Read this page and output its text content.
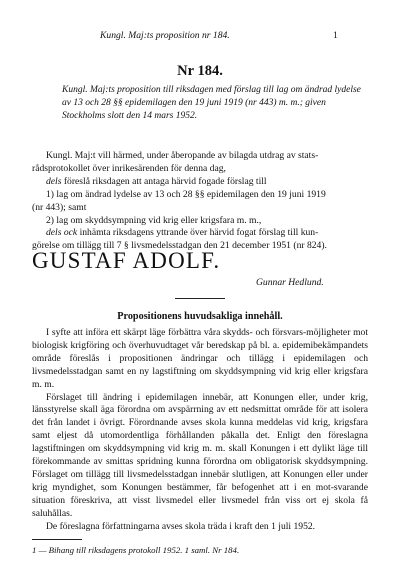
Kungl. Maj:ts proposition nr 184.	1
Nr 184.
Kungl. Maj:ts proposition till riksdagen med förslag till lag om ändrad lydelse av 13 och 28 §§ epidemilagen den 19 juni 1919 (nr 443) m. m.; given Stockholms slott den 14 mars 1952.

Kungl. Maj:t vill härmed, under åberopande av bilagda utdrag av stats-

rådsprotokollet över inrikesärenden för denna dag,

dels föreslå riksdagen att antaga härvid fogade förslag till

1) lag om ändrad lydelse av 13 och 28 §§ epidemilagen den 19 juni 1919

(nr 443); samt

2) lag om skyddsympning vid krig eller krigsfara m. m.,

dels ock inhämta riksdagens yttrande över härvid fogat förslag till kun-

görelse om tillägg till 7 § livsmedelsstadgan den 21 december 1951 (nr 824).

GUSTAF ADOLF.
Gunnar Hedlund.
Propositionens huvudsakliga innehåll.

I syfte att införa ett skärpt läge förbättra våra skydds- och försvars-möjligheter mot biologisk krigföring och överhuvudtaget vår beredskap på bl. a. epidemibekämpandets område föreslås i propositionen ändringar och tillägg i epidemilagen och livsmedelsstadgan samt en ny lagstiftning om skyddsympning vid krig eller krigsfara m. m.

Förslaget till ändring i epidemilagen innebär, att Konungen eller, under krig, länsstyrelse skall äga förordna om avspärrning av ett nedsmittat område för att isolera det från landet i övrigt. Förordnande avses skola kunna meddelas vid krig, krigsfara samt eljest då utomordentliga förhållanden påkalla det. Enligt den föreslagna lagstiftningen om skyddsympning vid krig m. m. skall Konungen i ett dylikt läge till förekommande av smittas spridning kunna förordna om obligatorisk skyddsympning. Förslaget om tillägg till livsmedelsstadgan innebär slutligen, att Konungen eller under krig myndighet, som Konungen bestämmer, får befogenhet att i en mot-svarande situation föreskriva, att visst livsmedel eller livsmedel från viss ort ej skola få saluhållas.

De föreslagna författningarna avses skola träda i kraft den 1 juli 1952.

1 — Bihang till riksdagens protokoll 1952. 1 saml. Nr 184.
